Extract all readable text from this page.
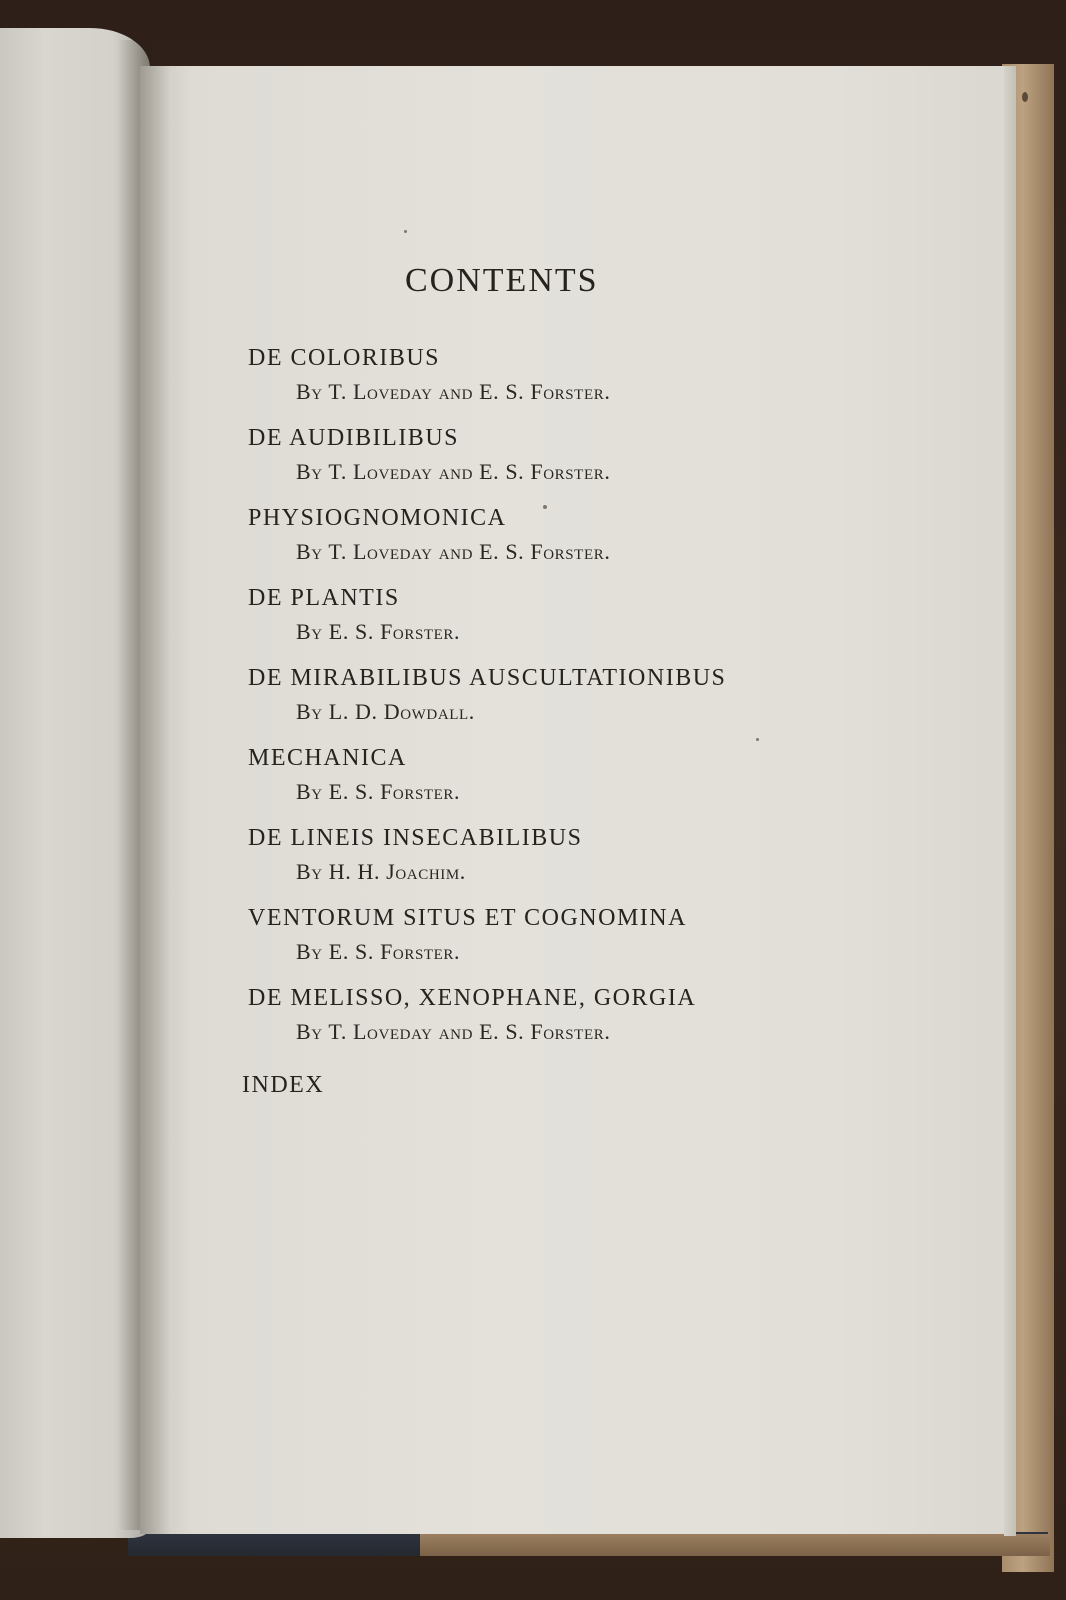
CONTENTS
DE COLORIBUS
By T. Loveday and E. S. Forster.
DE AUDIBILIBUS
By T. Loveday and E. S. Forster.
PHYSIOGNOMONICA
By T. Loveday and E. S. Forster.
DE PLANTIS
By E. S. Forster.
DE MIRABILIBUS AUSCULTATIONIBUS
By L. D. Dowdall.
MECHANICA
By E. S. Forster.
DE LINEIS INSECABILIBUS
By H. H. Joachim.
VENTORUM SITUS ET COGNOMINA
By E. S. Forster.
DE MELISSO, XENOPHANE, GORGIA
By T. Loveday and E. S. Forster.
INDEX
